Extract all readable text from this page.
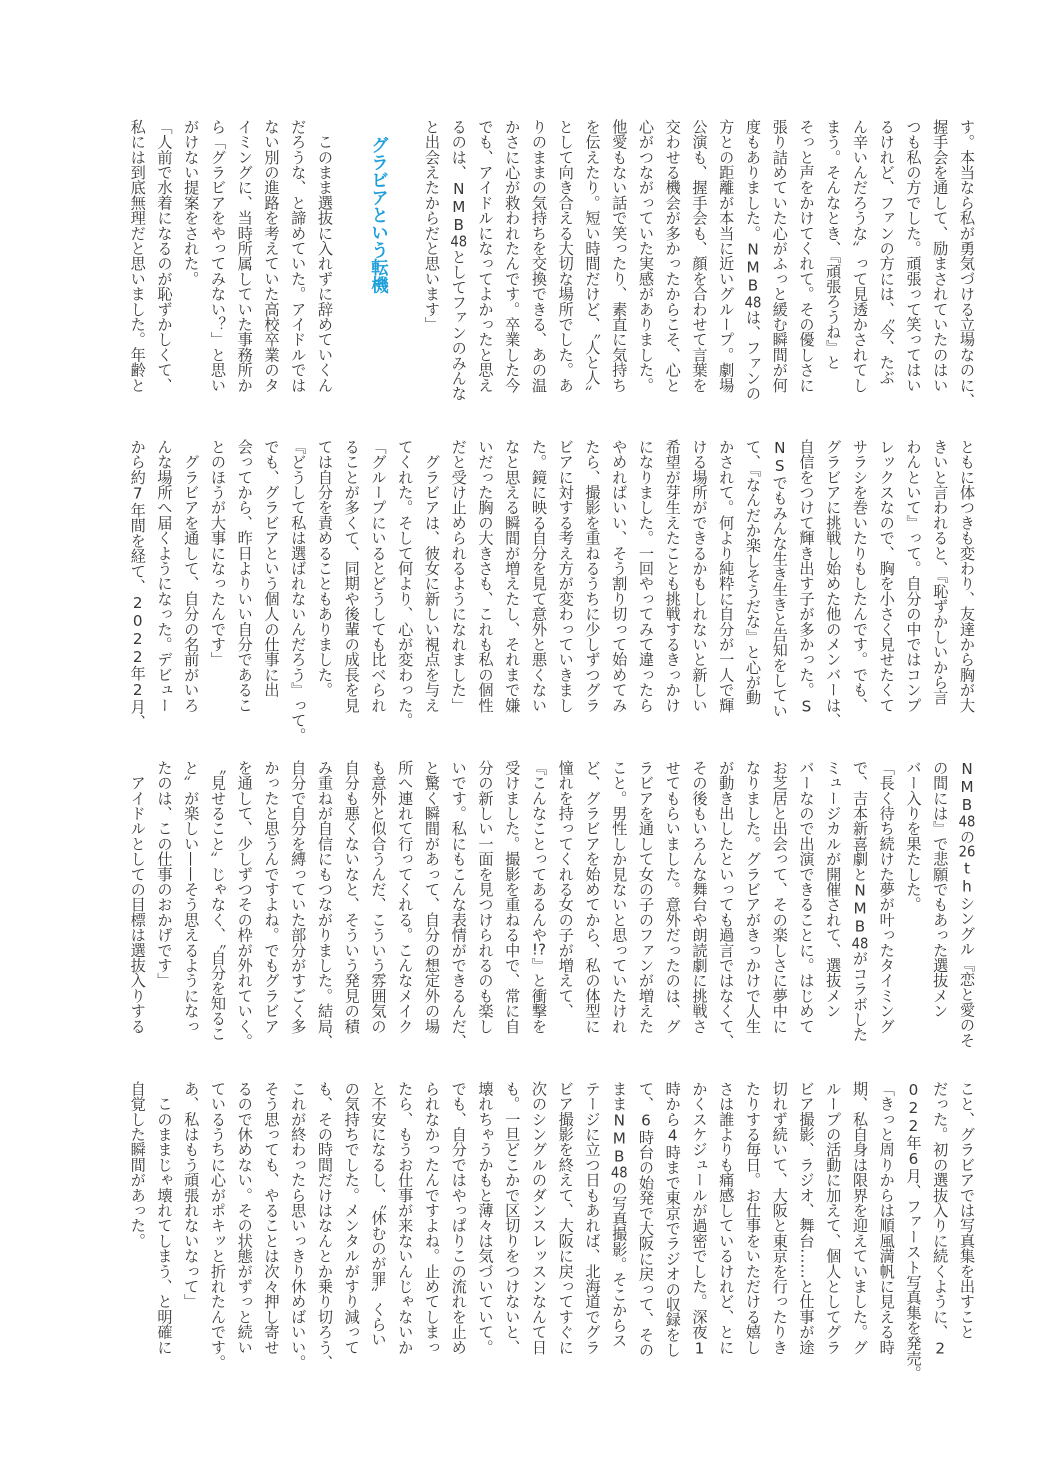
す。本当なら私が勇気づける立場なのに、

握手会を通して、励まされていたのはい

つも私の方でした。頑張って笑ってはい

るけれど、ファンの方には、〝今、たぶ

ん辛いんだろうな〟って見透かされてし

まう。そんなとき、『頑張ろうね』と

そっと声をかけてくれて。その優しさに

張り詰めていた心がふっと緩む瞬間が何

度もありました。NMB48は、ファンの

方との距離が本当に近いグループ。劇場

公演も、握手会も、顔を合わせて言葉を

交わせる機会が多かったからこそ、心と

心がつながっていた実感がありました。

他愛もない話で笑ったり、素直に気持ち

を伝えたり。短い時間だけど、〝人と人〟

として向き合える大切な場所でした。あ

りのままの気持ちを交換できる、あの温

かさに心が救われたんです。卒業した今

でも、アイドルになってよかったと思え

るのは、NMB48としてファンのみんな

と出会えたからだと思います」

グラビアという転機

　このまま選抜に入れずに辞めていくん

だろうな、と諦めていた。アイドルでは

ない別の進路を考えていた高校卒業のタ

イミングに、当時所属していた事務所か

ら「グラビアをやってみない？」と思い

がけない提案をされた。

「人前で水着になるのが恥ずかしくて、

私には到底無理だと思いました。年齢と

ともに体つきも変わり、友達から胸が大

きいと言われると、『恥ずかしいから言

わんといて』って。自分の中ではコンプ

レックスなので、胸を小さく見せたくて

サラシを巻いたりもしたんです。でも、

グラビアに挑戦し始めた他のメンバーは、

自信をつけて輝き出す子が多かった。S

NSでもみんな生き生きと告知をしてい

て、『なんだか楽しそうだな』と心が動

かされて。何より純粋に自分が一人で輝

ける場所ができるかもしれないと新しい

希望が芽生えたことも挑戦するきっかけ

になりました。一回やってみて違ったら

やめればいい、そう割り切って始めてみ

たら、撮影を重ねるうちに少しずつグラ

ビアに対する考え方が変わっていきまし

た。鏡に映る自分を見て意外と悪くない

なと思える瞬間が増えたし、それまで嫌

いだった胸の大きさも、これも私の個性

だと受け止められるようになれました」

　グラビアは、彼女に新しい視点を与え

てくれた。そして何より、心が変わった。

「グループにいるとどうしても比べられ

ることが多くて、同期や後輩の成長を見

ては自分を責めることもありました。

『どうして私は選ばれないんだろう』って。

でも、グラビアという個人の仕事に出

会ってから、昨日よりいい自分であるこ

とのほうが大事になったんです」

　グラビアを通して、自分の名前がいろ

んな場所へ届くようになった。デビュー

から約7年間を経て、2022年2月、

NMB48の26thシングル『恋と愛のそ

の間には』で悲願でもあった選抜メン

バー入りを果たした。

「長く待ち続けた夢が叶ったタイミング

で、吉本新喜劇とNMB48がコラボした

ミュージカルが開催されて、選抜メン

バーなので出演できることに。はじめて

お芝居と出会って、その楽しさに夢中に

なりました。グラビアがきっかけで人生

が動き出したといっても過言ではなくて、

その後もいろんな舞台や朗読劇に挑戦さ

せてもらいました。意外だったのは、グ

ラビアを通して女の子のファンが増えた

こと。男性しか見ないと思っていたけれ

ど、グラビアを始めてから、私の体型に

憧れを持ってくれる女の子が増えて、

『こんなことってあるんや!?』と衝撃を

受けました。撮影を重ねる中で、常に自

分の新しい一面を見つけられるのも楽し

いです。私にもこんな表情ができるんだ、

と驚く瞬間があって、自分の想定外の場

所へ連れて行ってくれる。こんなメイク

も意外と似合うんだ、こういう雰囲気の

自分も悪くないなと、そういう発見の積

み重ねが自信にもつながりました。結局、

自分で自分を縛っていた部分がすごく多

かったと思うんですよね。でもグラビア

を通して、少しずつその枠が外れていく。

〝見せること〟じゃなく、〝自分を知るこ

と〟が楽しい——そう思えるようになっ

たのは、この仕事のおかげです」

　アイドルとしての目標は選抜入りする

こと、グラビアでは写真集を出すこと

だった。初の選抜入りに続くように、2

022年6月、ファースト写真集を発売。

「きっと周りからは順風満帆に見える時

期、私自身は限界を迎えていました。グ

ループの活動に加えて、個人としてグラ

ビア撮影、ラジオ、舞台……と仕事が途

切れず続いて、大阪と東京を行ったりき

たりする毎日。お仕事をいただける嬉し

さは誰よりも痛感しているけれど、とに

かくスケジュールが過密でした。深夜1

時から4時まで東京でラジオの収録をし

て、6時台の始発で大阪に戻って、その

ままNMB48の写真撮影。そこからス

テージに立つ日もあれば、北海道でグラ

ビア撮影を終えて、大阪に戻ってすぐに

次のシングルのダンスレッスンなんて日

も。一旦どこかで区切りをつけないと、

壊れちゃうかもと薄々は気づいていて。

でも、自分ではやっぱりこの流れを止め

られなかったんですよね。止めてしまっ

たら、もうお仕事が来ないんじゃないか

と不安になるし、〝休むのが罪〟くらい

の気持ちでした。メンタルがすり減って

も、その時間だけはなんとか乗り切ろう、

これが終わったら思いっきり休めばいい。

そう思っても、やることは次々押し寄せ

るので休めない。その状態がずっと続い

ているうちに心がポキッと折れたんです。

あ、私はもう頑張れないなって」

　このままじゃ壊れてしまう、と明確に

自覚した瞬間があった。
